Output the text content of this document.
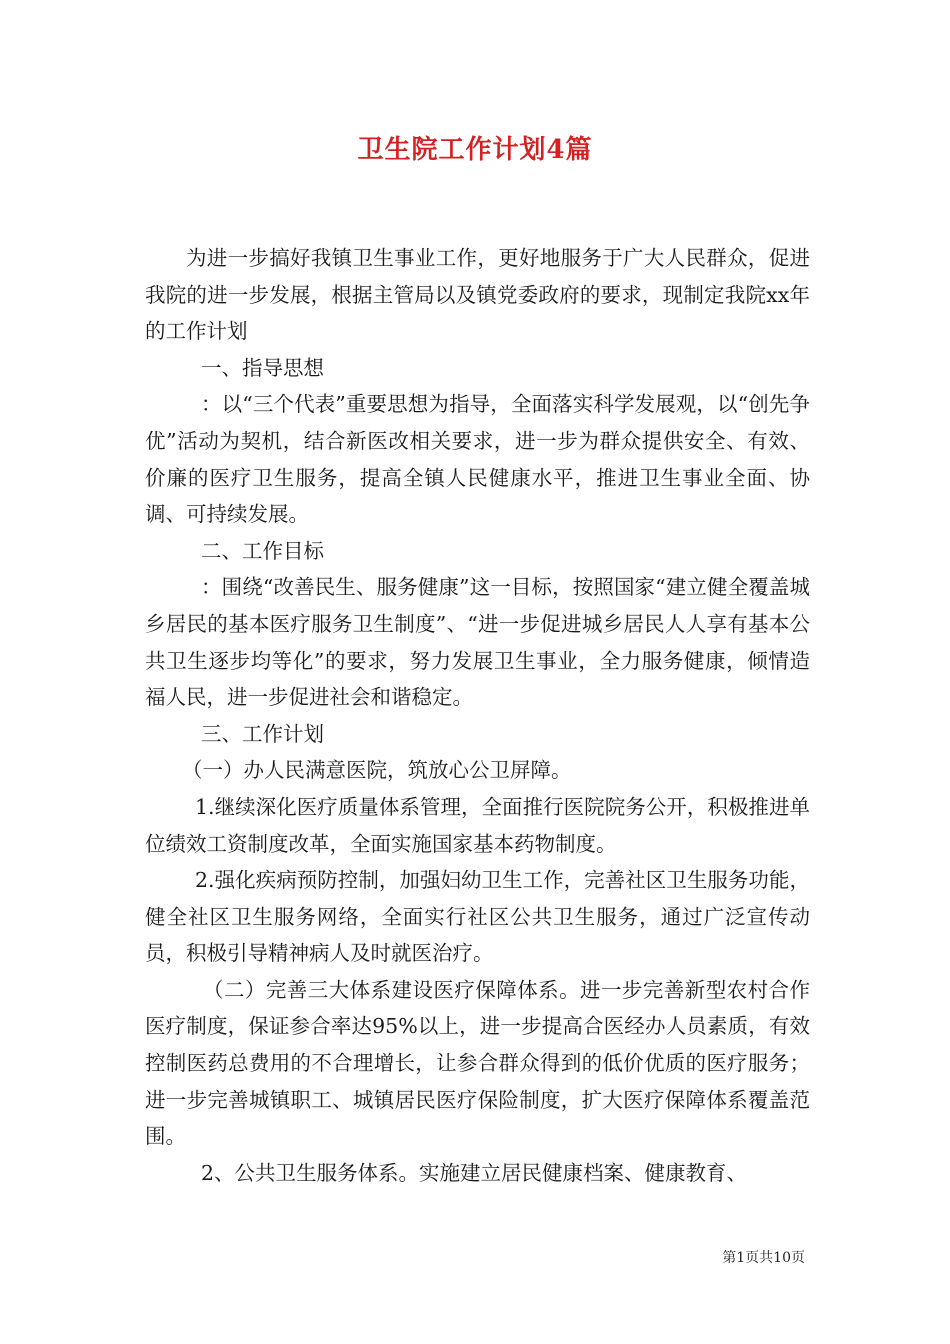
卫生院工作计划4篇

为进一步搞好我镇卫生事业工作，更好地服务于广大人民群众，促进我院的进一步发展，根据主管局以及镇党委政府的要求，现制定我院xx年的工作计划

一、指导思想

：以“三个代表”重要思想为指导，全面落实科学发展观，以“创先争优”活动为契机，结合新医改相关要求，进一步为群众提供安全、有效、价廉的医疗卫生服务，提高全镇人民健康水平，推进卫生事业全面、协调、可持续发展。

二、工作目标

：围绕“改善民生、服务健康”这一目标，按照国家“建立健全覆盖城乡居民的基本医疗服务卫生制度”、“进一步促进城乡居民人人享有基本公共卫生逐步均等化”的要求，努力发展卫生事业，全力服务健康，倾情造福人民，进一步促进社会和谐稳定。

三、工作计划

（一）办人民满意医院，筑放心公卫屏障。

1.继续深化医疗质量体系管理，全面推行医院院务公开，积极推进单位绩效工资制度改革，全面实施国家基本药物制度。

2.强化疾病预防控制，加强妇幼卫生工作，完善社区卫生服务功能，健全社区卫生服务网络，全面实行社区公共卫生服务，通过广泛宣传动员，积极引导精神病人及时就医治疗。

（二）完善三大体系建设医疗保障体系。进一步完善新型农村合作医疗制度，保证参合率达95%以上，进一步提高合医经办人员素质，有效控制医药总费用的不合理增长，让参合群众得到的低价优质的医疗服务；进一步完善城镇职工、城镇居民医疗保险制度，扩大医疗保障体系覆盖范围。

2、公共卫生服务体系。实施建立居民健康档案、健康教育、

第1页共10页
